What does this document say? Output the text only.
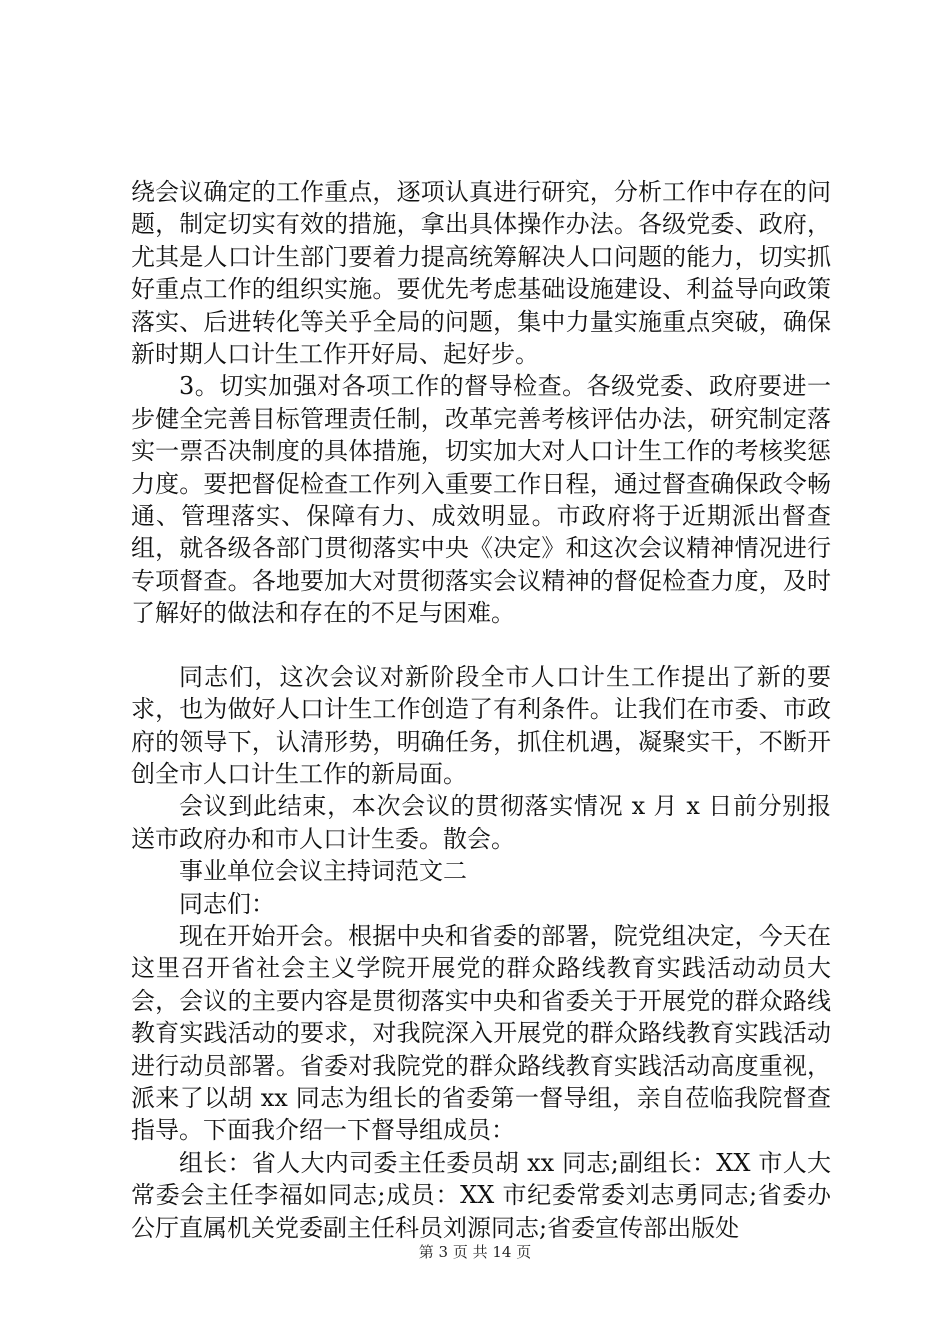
绕会议确定的工作重点，逐项认真进行研究，分析工作中存在的问题，制定切实有效的措施，拿出具体操作办法。各级党委、政府，尤其是人口计生部门要着力提高统筹解决人口问题的能力，切实抓好重点工作的组织实施。要优先考虑基础设施建设、利益导向政策落实、后进转化等关乎全局的问题，集中力量实施重点突破，确保新时期人口计生工作开好局、起好步。

3。切实加强对各项工作的督导检查。各级党委、政府要进一步健全完善目标管理责任制，改革完善考核评估办法，研究制定落实一票否决制度的具体措施，切实加大对人口计生工作的考核奖惩力度。要把督促检查工作列入重要工作日程，通过督查确保政令畅通、管理落实、保障有力、成效明显。市政府将于近期派出督查组，就各级各部门贯彻落实中央《决定》和这次会议精神情况进行专项督查。各地要加大对贯彻落实会议精神的督促检查力度，及时了解好的做法和存在的不足与困难。

同志们，这次会议对新阶段全市人口计生工作提出了新的要求，也为做好人口计生工作创造了有利条件。让我们在市委、市政府的领导下，认清形势，明确任务，抓住机遇，凝聚实干，不断开创全市人口计生工作的新局面。

会议到此结束，本次会议的贯彻落实情况 x 月 x 日前分别报送市政府办和市人口计生委。散会。

事业单位会议主持词范文二

同志们：

现在开始开会。根据中央和省委的部署，院党组决定，今天在这里召开省社会主义学院开展党的群众路线教育实践活动动员大会，会议的主要内容是贯彻落实中央和省委关于开展党的群众路线教育实践活动的要求，对我院深入开展党的群众路线教育实践活动进行动员部署。省委对我院党的群众路线教育实践活动高度重视，派来了以胡 xx 同志为组长的省委第一督导组，亲自莅临我院督查指导。下面我介绍一下督导组成员：

组长：省人大内司委主任委员胡 xx 同志;副组长：XX 市人大常委会主任李福如同志;成员：XX 市纪委常委刘志勇同志;省委办公厅直属机关党委副主任科员刘源同志;省委宣传部出版处

第 3 页 共 14 页
